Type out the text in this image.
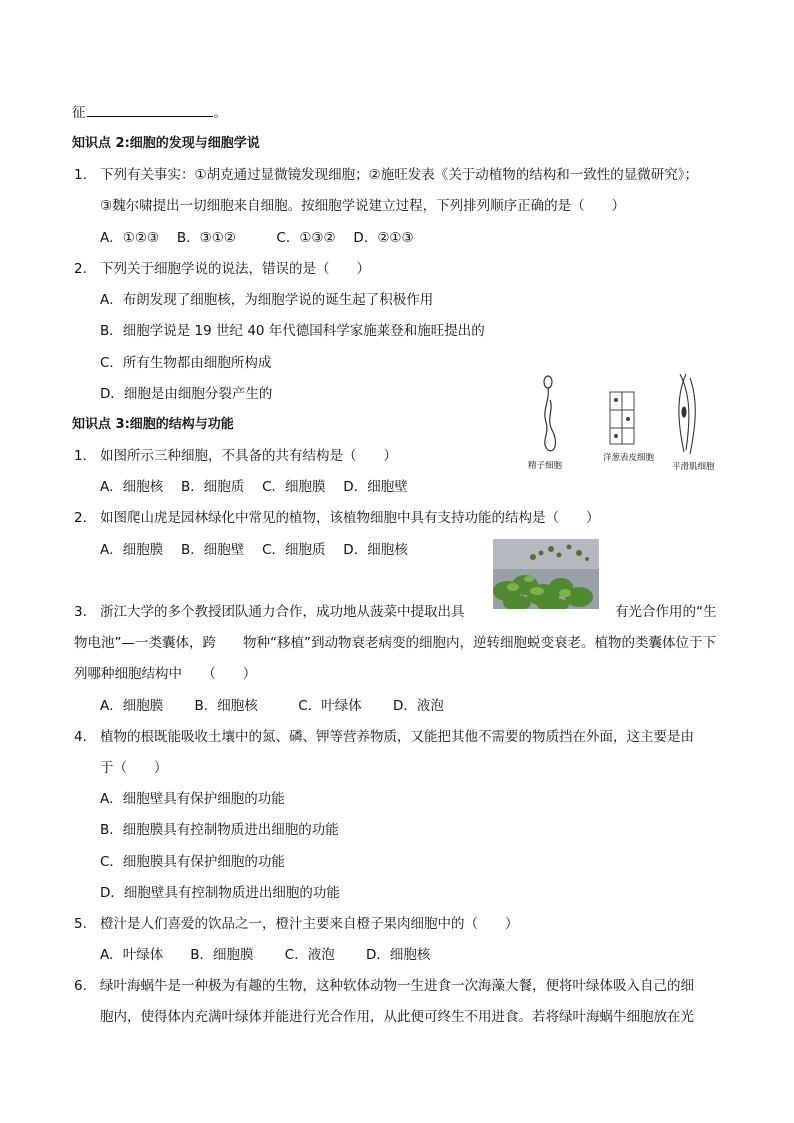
征	。
知识点 2:细胞的发现与细胞学说
1. 下列有关事实：①胡克通过显微镜发现细胞；②施旺发表《关于动植物的结构和一致性的显微研究》；
③魏尔啸提出一切细胞来自细胞。按细胞学说建立过程，下列排列顺序正确的是（　　）
A．①②③　 B．③①②　　　C．①③②　 D．②①③
2. 下列关于细胞学说的说法，错误的是（　　）
A．布朗发现了细胞核，为细胞学说的诞生起了积极作用
B．细胞学说是 19 世纪 40 年代德国科学家施莱登和施旺提出的
C．所有生物都由细胞所构成
D．细胞是由细胞分裂产生的
知识点 3:细胞的结构与功能
1. 如图所示三种细胞，不具备的共有结构是（　　）
A．细胞核　 B．细胞质　 C．细胞膜　 D．细胞壁
精子细胞
洋葱表皮细胞
平滑肌细胞
2. 如图爬山虎是园林绿化中常见的植物，该植物细胞中具有支持功能的结构是（　　）
A．细胞膜　 B．细胞壁　 C．细胞质　 D．细胞核
3. 浙江大学的多个教授团队通力合作，成功地从菠菜中提取出具	有光合作用的“生
物电池”—一类囊体，跨　　物种“移植”到动物衰老病变的细胞内，逆转细胞蜕变衰老。植物的类囊体位于下
列哪种细胞结构中　　（　　）
A．细胞膜　　 B．细胞核　　　C．叶绿体　　 D．液泡
4. 植物的根既能吸收土壤中的氮、磷、钾等营养物质，又能把其他不需要的物质挡在外面，这主要是由
于（　　）
A．细胞壁具有保护细胞的功能
B．细胞膜具有控制物质进出细胞的功能
C．细胞膜具有保护细胞的功能
D．细胞壁具有控制物质进出细胞的功能
5. 橙汁是人们喜爱的饮品之一，橙汁主要来自橙子果肉细胞中的（　　）
A．叶绿体　　B．细胞膜　　 C．液泡　　 D．细胞核
6. 绿叶海蜗牛是一种极为有趣的生物，这种软体动物一生进食一次海藻大餐，便将叶绿体吸入自己的细
胞内，使得体内充满叶绿体并能进行光合作用，从此便可终生不用进食。若将绿叶海蜗牛细胞放在光
